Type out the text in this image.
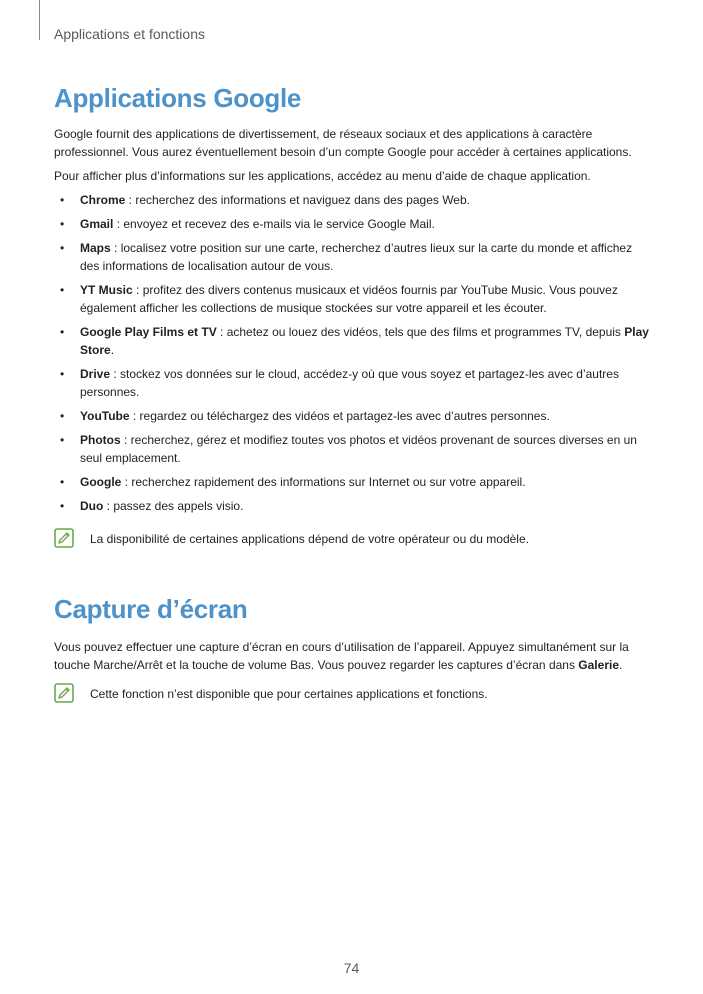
Applications et fonctions
Applications Google

Google fournit des applications de divertissement, de réseaux sociaux et des applications à caractère professionnel. Vous aurez éventuellement besoin d’un compte Google pour accéder à certaines applications.

Pour afficher plus d’informations sur les applications, accédez au menu d’aide de chaque application.

• Chrome : recherchez des informations et naviguez dans des pages Web.
• Gmail : envoyez et recevez des e-mails via le service Google Mail.
• Maps : localisez votre position sur une carte, recherchez d’autres lieux sur la carte du monde et affichez des informations de localisation autour de vous.
• YT Music : profitez des divers contenus musicaux et vidéos fournis par YouTube Music. Vous pouvez également afficher les collections de musique stockées sur votre appareil et les écouter.
• Google Play Films et TV : achetez ou louez des vidéos, tels que des films et programmes TV, depuis Play Store.
• Drive : stockez vos données sur le cloud, accédez-y où que vous soyez et partagez-les avec d’autres personnes.
• YouTube : regardez ou téléchargez des vidéos et partagez-les avec d’autres personnes.
• Photos : recherchez, gérez et modifiez toutes vos photos et vidéos provenant de sources diverses en un seul emplacement.
• Google : recherchez rapidement des informations sur Internet ou sur votre appareil.
• Duo : passez des appels visio.
La disponibilité de certaines applications dépend de votre opérateur ou du modèle.
Capture d’écran

Vous pouvez effectuer une capture d’écran en cours d’utilisation de l’appareil. Appuyez simultanément sur la touche Marche/Arrêt et la touche de volume Bas. Vous pouvez regarder les captures d’écran dans Galerie.

Cette fonction n’est disponible que pour certaines applications et fonctions.
74
